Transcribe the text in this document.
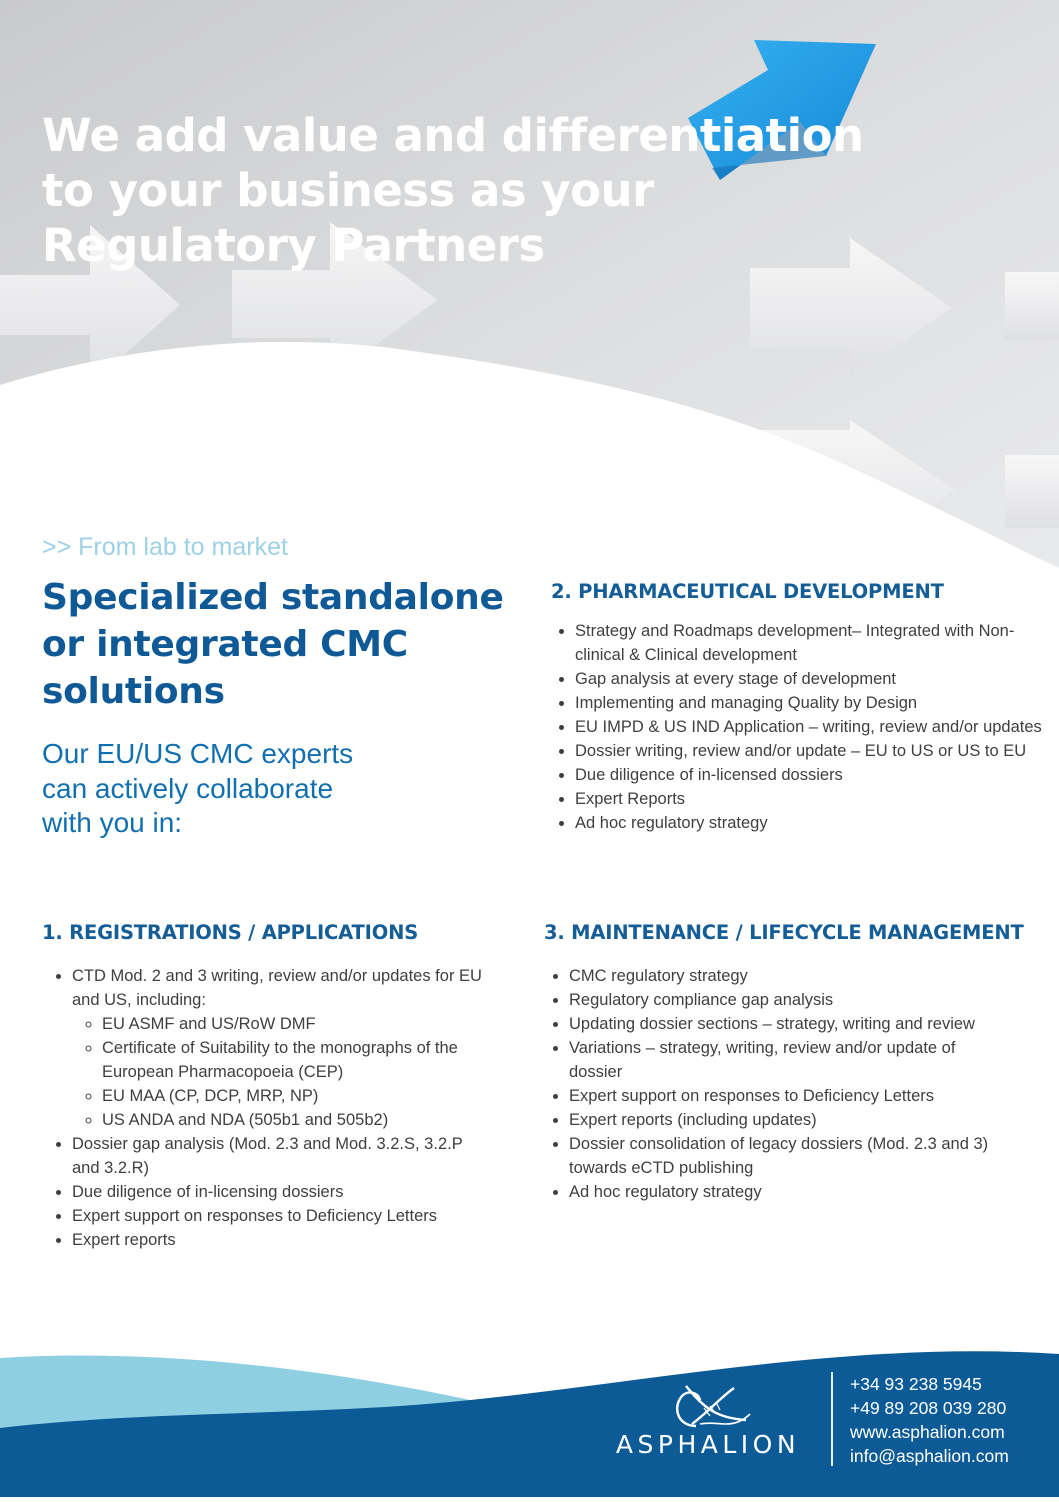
We add value and differentiation
to your business as your
Regulatory Partners

>> From lab to market

Specialized standalone
or integrated CMC
solutions

Our EU/US CMC experts
can actively collaborate
with you in:

2. PHARMACEUTICAL DEVELOPMENT
• Strategy and Roadmaps development– Integrated with Non-clinical & Clinical development
• Gap analysis at every stage of development
• Implementing and managing Quality by Design
• EU IMPD & US IND Application – writing, review and/or updates
• Dossier writing, review and/or update – EU to US or US to EU
• Due diligence of in-licensed dossiers
• Expert Reports
• Ad hoc regulatory strategy
1. REGISTRATIONS / APPLICATIONS
• CTD Mod. 2 and 3 writing, review and/or updates for EU and US, including:
◦ EU ASMF and US/RoW DMF
◦ Certificate of Suitability to the monographs of the European Pharmacopoeia (CEP)
◦ EU MAA (CP, DCP, MRP, NP)
◦ US ANDA and NDA (505b1 and 505b2)
• Dossier gap analysis (Mod. 2.3 and Mod. 3.2.S, 3.2.P and 3.2.R)
• Due diligence of in-licensing dossiers
• Expert support on responses to Deficiency Letters
• Expert reports
3. MAINTENANCE / LIFECYCLE MANAGEMENT
• CMC regulatory strategy
• Regulatory compliance gap analysis
• Updating dossier sections – strategy, writing and review
• Variations – strategy, writing, review and/or update of dossier
• Expert support on responses to Deficiency Letters
• Expert reports (including updates)
• Dossier consolidation of legacy dossiers (Mod. 2.3 and 3) towards eCTD publishing
• Ad hoc regulatory strategy

ASPHALION

+34 93 238 5945
+49 89 208 039 280
www.asphalion.com
info@asphalion.com
